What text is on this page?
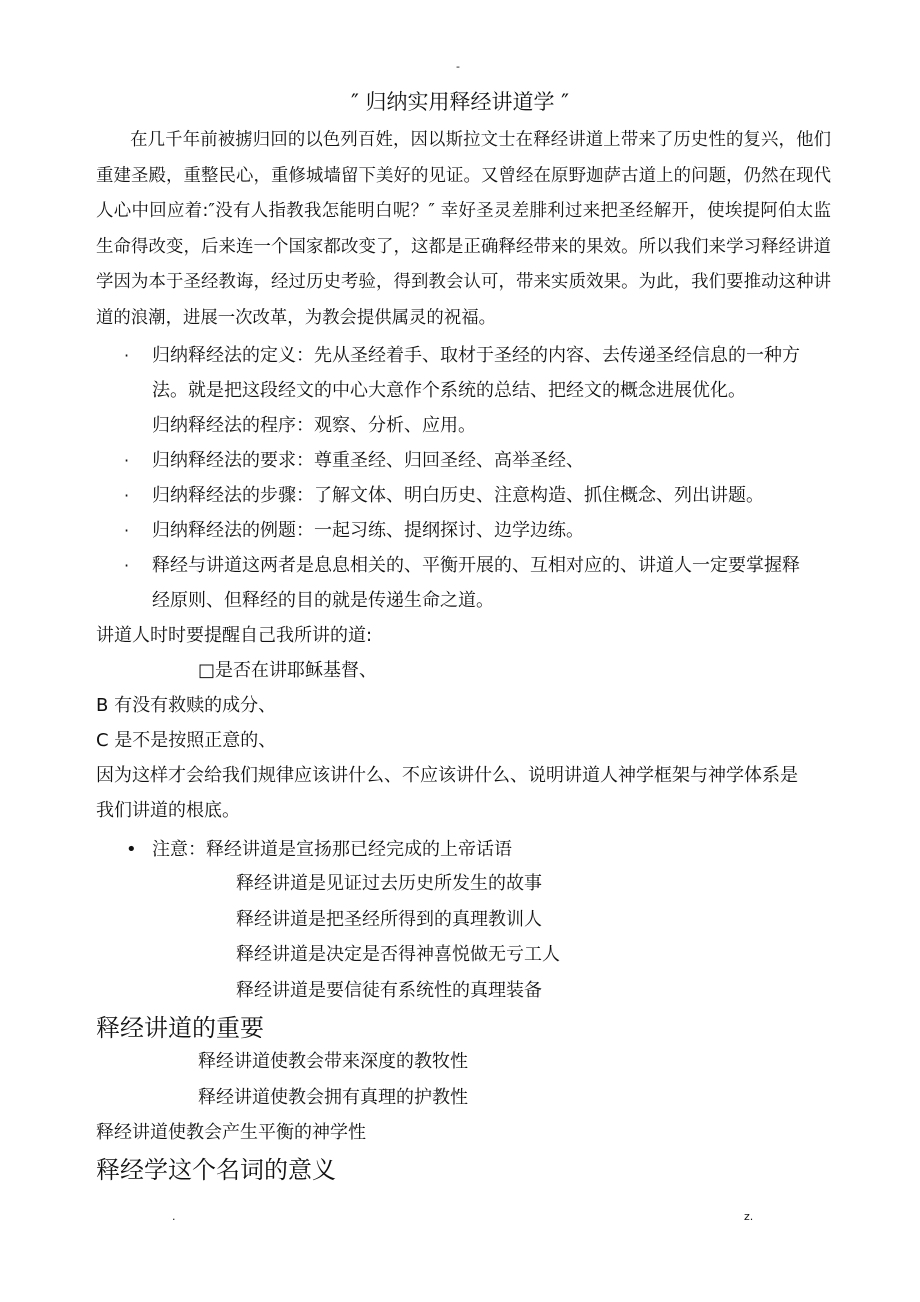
-
″ 归纳实用释经讲道学 ″
在几千年前被掳归回的以色列百姓，因以斯拉文士在释经讲道上带来了历史性的复兴，他们重建圣殿，重整民心，重修城墙留下美好的见证。又曾经在原野迦萨古道上的问题，仍然在现代人心中回应着:″没有人指教我怎能明白呢？″ 幸好圣灵差腓利过来把圣经解开，使埃提阿伯太监生命得改变，后来连一个国家都改变了，这都是正确释经带来的果效。所以我们来学习释经讲道学因为本于圣经教诲，经过历史考验，得到教会认可，带来实质效果。为此，我们要推动这种讲道的浪潮，进展一次改革，为教会提供属灵的祝福。
· 归纳释经法的定义：先从圣经着手、取材于圣经的内容、去传递圣经信息的一种方
法。就是把这段经文的中心大意作个系统的总结、把经文的概念进展优化。
归纳释经法的程序：观察、分析、应用。
· 归纳释经法的要求：尊重圣经、归回圣经、高举圣经、
· 归纳释经法的步骤：了解文体、明白历史、注意构造、抓住概念、列出讲题。
· 归纳释经法的例题：一起习练、提纲探讨、边学边练。
· 释经与讲道这两者是息息相关的、平衡开展的、互相对应的、讲道人一定要掌握释
经原则、但释经的目的就是传递生命之道。
讲道人时时要提醒自己我所讲的道:
□是否在讲耶稣基督、
B 有没有救赎的成分、
C 是不是按照正意的、
因为这样才会给我们规律应该讲什么、不应该讲什么、说明讲道人神学框架与神学体系是
我们讲道的根底。
• 注意：释经讲道是宣扬那已经完成的上帝话语
释经讲道是见证过去历史所发生的故事
释经讲道是把圣经所得到的真理教训人
释经讲道是决定是否得神喜悦做无亏工人
释经讲道是要信徒有系统性的真理装备
释经讲道的重要
释经讲道使教会带来深度的教牧性
释经讲道使教会拥有真理的护教性
释经讲道使教会产生平衡的神学性
释经学这个名词的意义
.	z.
